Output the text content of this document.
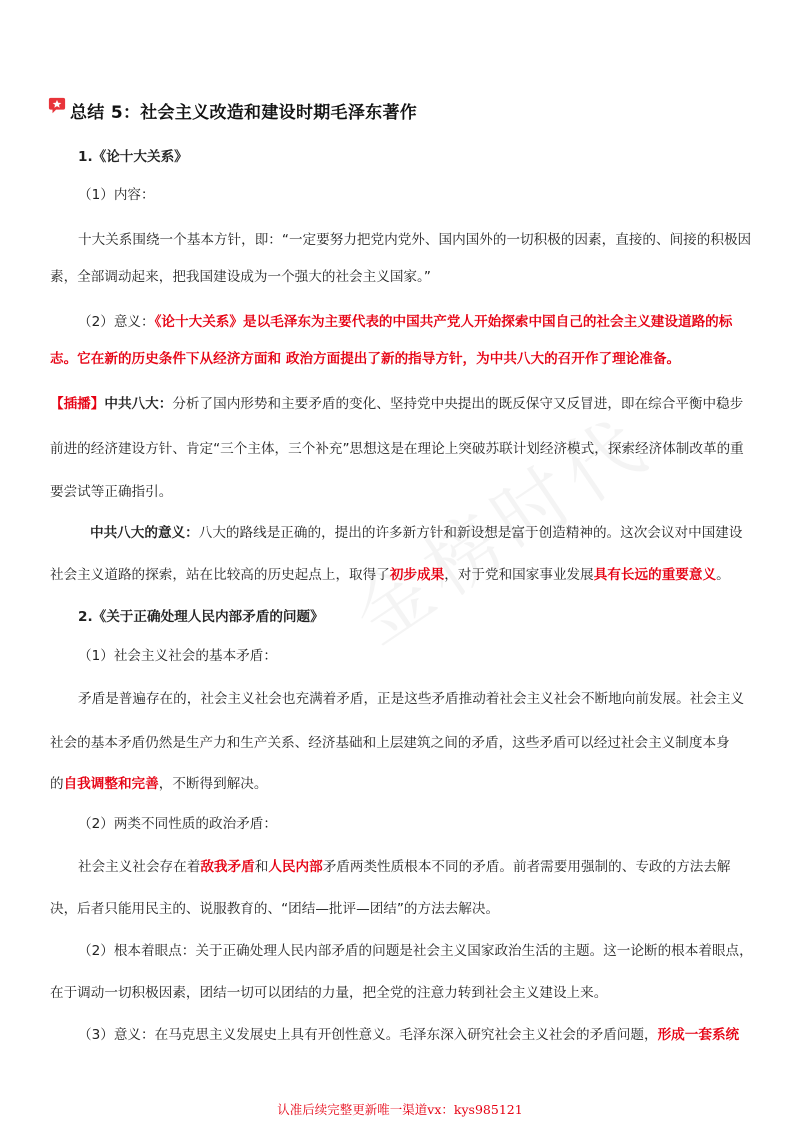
总结 5：社会主义改造和建设时期毛泽东著作
1.《论十大关系》
（1）内容：
十大关系围绕一个基本方针，即：“一定要努力把党内党外、国内国外的一切积极的因素，直接的、间接的积极因
素，全部调动起来，把我国建设成为一个强大的社会主义国家。”
（2）意义：《论十大关系》是以毛泽东为主要代表的中国共产党人开始探索中国自己的社会主义建设道路的标
志。它在新的历史条件下从经济方面和 政治方面提出了新的指导方针，为中共八大的召开作了理论准备。
【插播】中共八大：分析了国内形势和主要矛盾的变化、坚持党中央提出的既反保守又反冒进，即在综合平衡中稳步
前进的经济建设方针、肯定“三个主体，三个补充”思想这是在理论上突破苏联计划经济模式，探索经济体制改革的重
要尝试等正确指引。
中共八大的意义：八大的路线是正确的，提出的许多新方针和新设想是富于创造精神的。这次会议对中国建设
社会主义道路的探索，站在比较高的历史起点上，取得了初步成果，对于党和国家事业发展具有长远的重要意义。
2.《关于正确处理人民内部矛盾的问题》
（1）社会主义社会的基本矛盾：
矛盾是普遍存在的，社会主义社会也充满着矛盾，正是这些矛盾推动着社会主义社会不断地向前发展。社会主义
社会的基本矛盾仍然是生产力和生产关系、经济基础和上层建筑之间的矛盾，这些矛盾可以经过社会主义制度本身
的自我调整和完善，不断得到解决。
（2）两类不同性质的政治矛盾：
社会主义社会存在着敌我矛盾和人民内部矛盾两类性质根本不同的矛盾。前者需要用强制的、专政的方法去解
决，后者只能用民主的、说服教育的、“团结—批评—团结”的方法去解决。
（2）根本着眼点：关于正确处理人民内部矛盾的问题是社会主义国家政治生活的主题。这一论断的根本着眼点，
在于调动一切积极因素，团结一切可以团结的力量，把全党的注意力转到社会主义建设上来。
（3）意义：在马克思主义发展史上具有开创性意义。毛泽东深入研究社会主义社会的矛盾问题，形成一套系统
认准后续完整更新唯一渠道vx：kys985121
